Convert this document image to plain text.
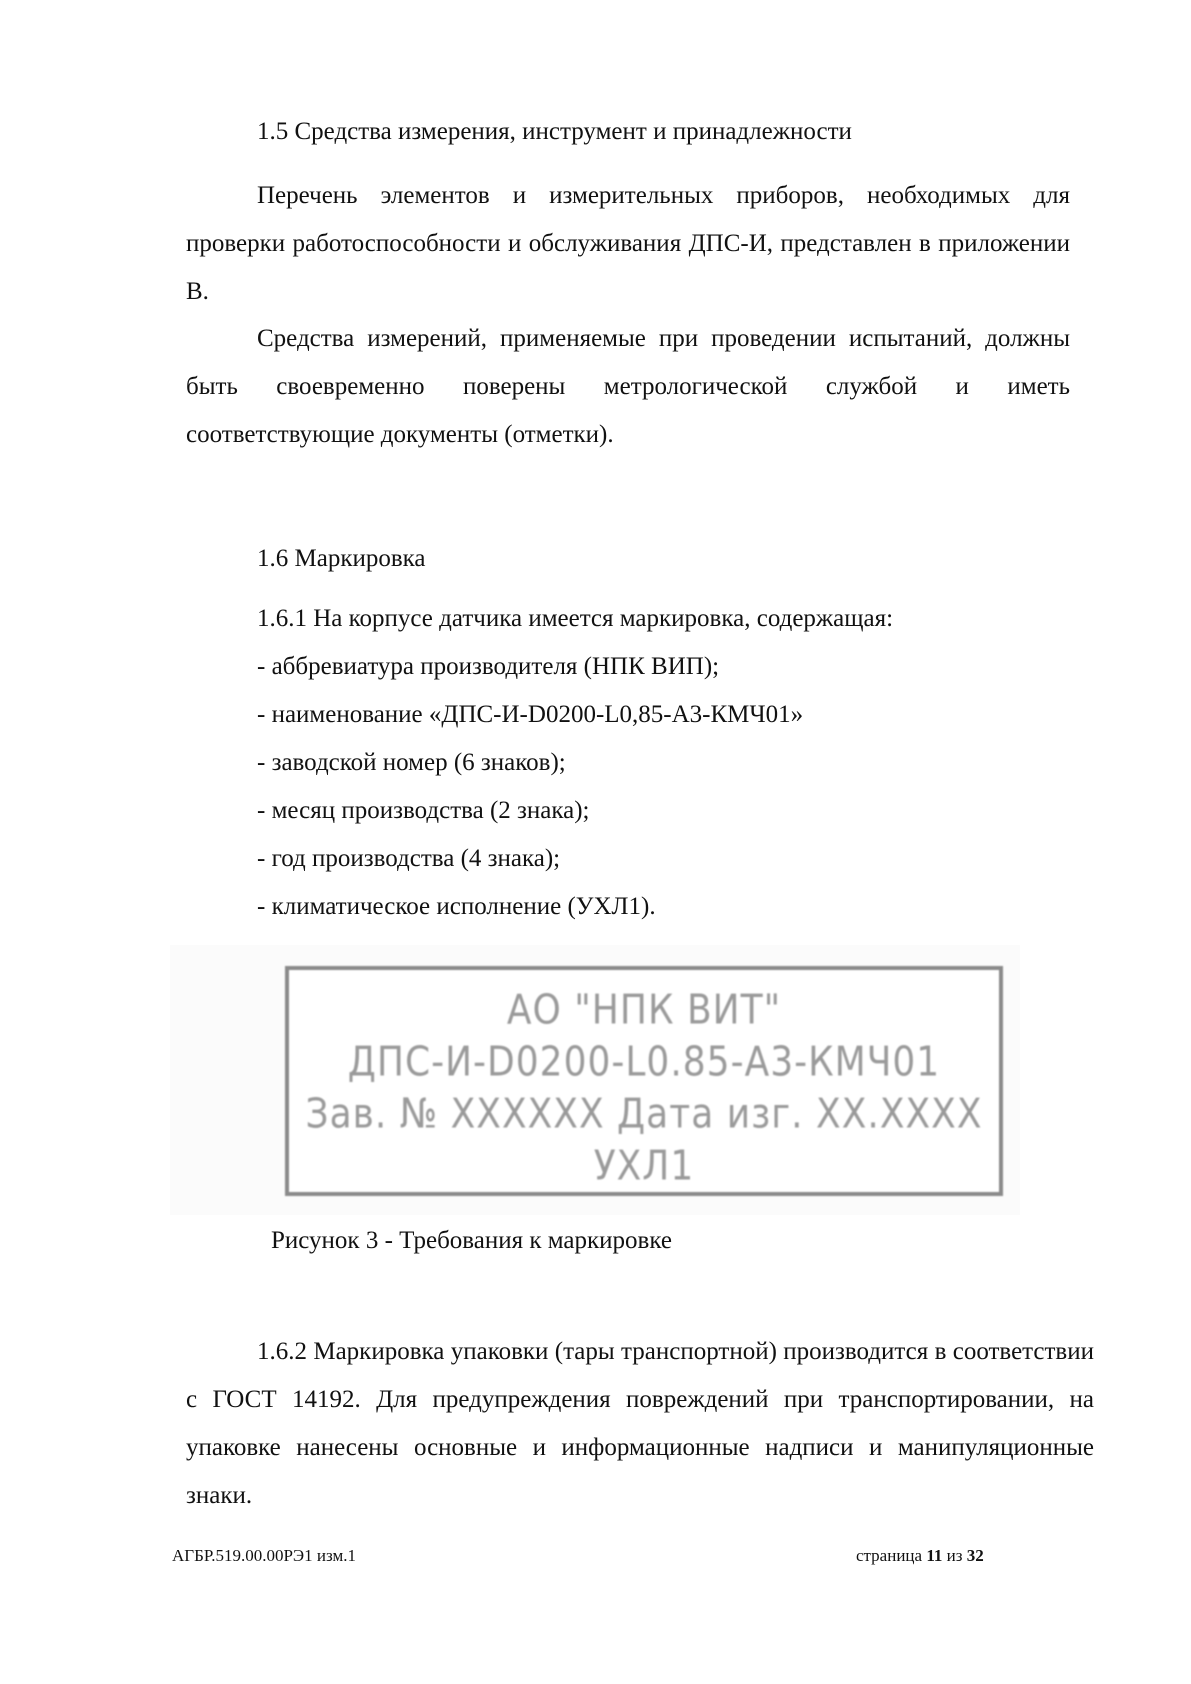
1.5 Средства измерения, инструмент и принадлежности
Перечень элементов и измерительных приборов, необходимых для проверки работоспособности и обслуживания ДПС-И, представлен в приложении В.
Средства измерений, применяемые при проведении испытаний, должны быть своевременно поверены метрологической службой и иметь соответствующие документы (отметки).
1.6 Маркировка
1.6.1 На корпусе датчика имеется маркировка, содержащая:
- аббревиатура производителя (НПК ВИП);
- наименование «ДПС-И-D0200-L0,85-А3-КМЧ01»
- заводской номер (6 знаков);
- месяц производства (2 знака);
- год производства (4 знака);
- климатическое исполнение (УХЛ1).
АО "НПК ВИТ"
ДПС-И-D0200-L0.85-А3-КМЧ01
Зав. № XXXXXX Дата изг. XX.XXXX
УХЛ1
Рисунок 3 - Требования к маркировке
1.6.2 Маркировка упаковки (тары транспортной) производится в соответствии с ГОСТ 14192. Для предупреждения повреждений при транспортировании, на упаковке нанесены основные и информационные надписи и манипуляционные знаки.
АГБР.519.00.00РЭ1 изм.1	страница 11 из 32
